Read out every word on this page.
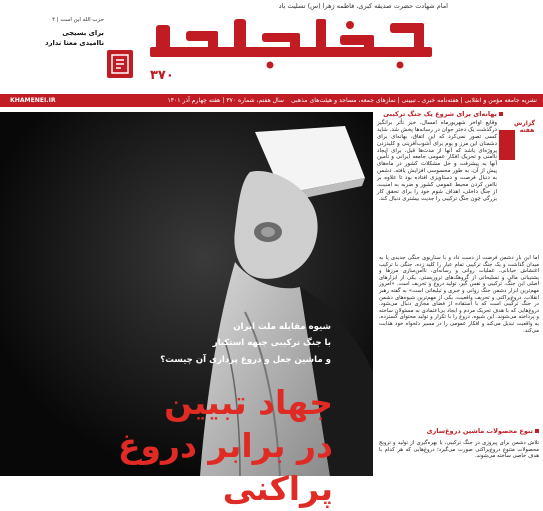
امام شهادت حضرت صدیقه کبری، فاطمه زهرا (س) تسلیت باد
حزب الله این است | ۴
برای بسیجی
ناامیدی معنا ندارد
۳۷۰
نشریه جامعه مؤمن و انقلابی | هفته‌نامه خبری ـ تبیینی | نمازهای جمعه، مساجد و هیئت‌های مذهبی
سال هفتم، شماره ۳۷۰ | هفته چهارم آذر ۱۴۰۱
KHAMENEI.IR
گزارش هفته
بهانه‌ای برای شروع یک جنگ ترکیبی
وقایع اواخر شهریورماه امسال، خبر تأثر برانگیز درگذشت یک دختر جوان در رسانه‌ها پخش شد. شاید کسی تصور نمی‌کرد که این اتفاق، بهانه‌ای برای دشمنان این مرز و بوم برای آشوب‌آفرینی و کلیدزدن پروژه‌ای باشد که آنها از مدت‌ها قبل، برای ایجاد ناامنی و تحریک افکار عمومی جامعه ایرانی و تأمین آنها به پیشرفت و حل مشکلات کشور در ماه‌های پیش از آن، به طور محسوسی افزایش یافته. دشمن به دنبال فرصت و دستاویزی افتاده بود تا علاوه بر ناامن کردن محیط عمومی کشور و ضربه به امنیت، از جنگ داخلی، اهداف شوم خود را برای تحقق کار بزرگی چون جنگ ترکیبی را جدیت بیشتری دنبال کند.
اما این بار دشمن فرصت از دست داد و با سناریوی جنگی جدیدی پا به میدان گذاشت و یک جنگ ترکیبی تمام عیار را کلید زده، جنگی با ترکیب اغتشاش خیابانی، عملیات روانی و رسانه‌ای، ناامن‌سازی مرزها و پشتیبانی مالی و تسلیحاتی از گروهک‌های تروریستی. یکی از ابزارهای اصلی این جنگ، ترکیبی و نفس گیر، تولید دروغ و تحریف است. «امروز مهم‌ترین ابزار دشمن جنگ روانی و خبری و تبلیغاتی است» به گفته رهبر انقلاب، دروغ‌پراکنی و تحریف واقعیت، یکی از مهم‌ترین شیوه‌های دشمن در جنگ ترکیبی است که با استفاده از فضای مجازی دنبال می‌شود. دروغ‌هایی که با هدف تحریک مردم و ایجاد بی‌اعتمادی به مسئولان ساخته و پرداخته می‌شوند. این شیوه، دروغ را با تکرار و تولید محتوای گسترده، به واقعیت تبدیل می‌کند و افکار عمومی را در مسیر دلخواه خود هدایت می‌کند.
تنوع محصولات ماشین دروغ‌سازی
تلاش دشمن برای پیروزی در جنگ ترکیبی، با بهره‌گیری از تولید و ترویج محصولات متنوع دروغ‌پراکنی صورت می‌گیرد؛ دروغ‌هایی که هر کدام با هدف خاصی ساخته می‌شوند.
شیوه مقابله ملت ایران
با جنگ ترکیبی جبهه استکبار
و ماشین جعل و دروغ پردازی آن چیست؟
جهاد تبیین
در برابر دروغ پراکنی
